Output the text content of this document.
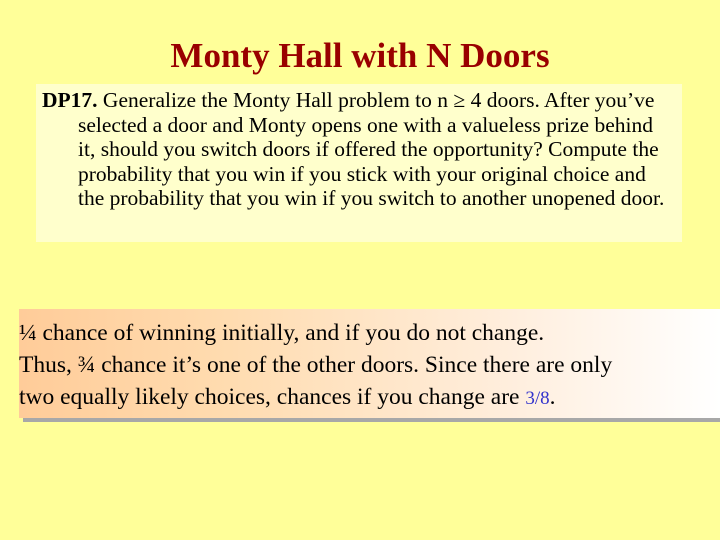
Monty Hall with N Doors

DP17. Generalize the Monty Hall problem to n ≥ 4 doors. After you’ve selected a door and Monty opens one with a valueless prize behind it, should you switch doors if offered the opportunity? Compute the probability that you win if you stick with your original choice and the probability that you win if you switch to another unopened door.

¼ chance of winning initially, and if you do not change.

Thus, ¾ chance it’s one of the other doors. Since there are only

two equally likely choices, chances if you change are 3/8.
